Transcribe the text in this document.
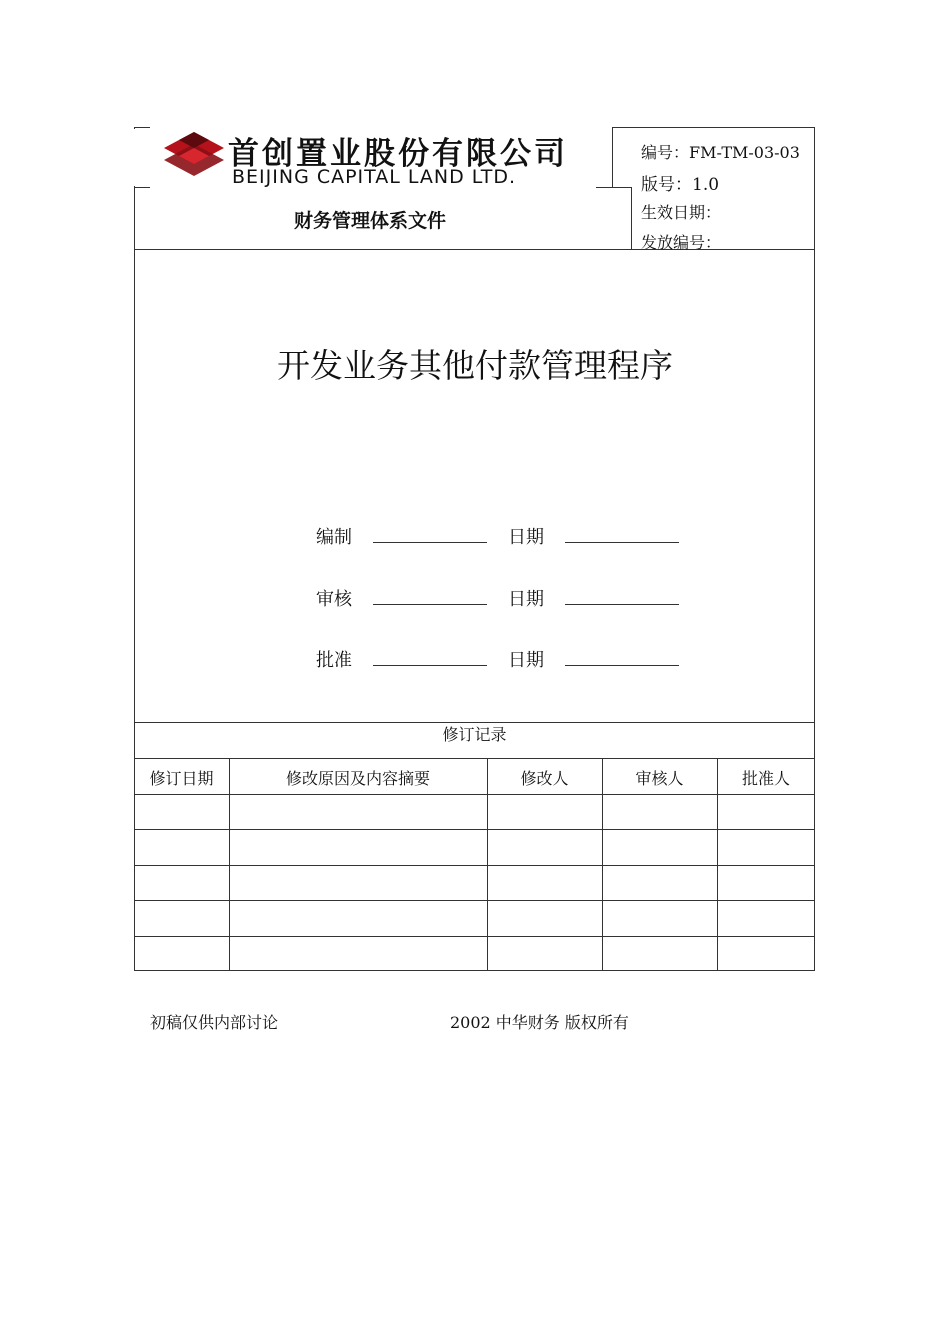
首创置业股份有限公司
BEIJING CAPITAL LAND LTD.
财务管理体系文件
编号：FM-TM-03-03
版号：1.0
生效日期：
发放编号：
开发业务其他付款管理程序
编制	日期
审核	日期
批准	日期
修订记录
修订日期	修改原因及内容摘要	修改人	审核人	批准人
初稿仅供内部讨论	2002 中华财务 版权所有
